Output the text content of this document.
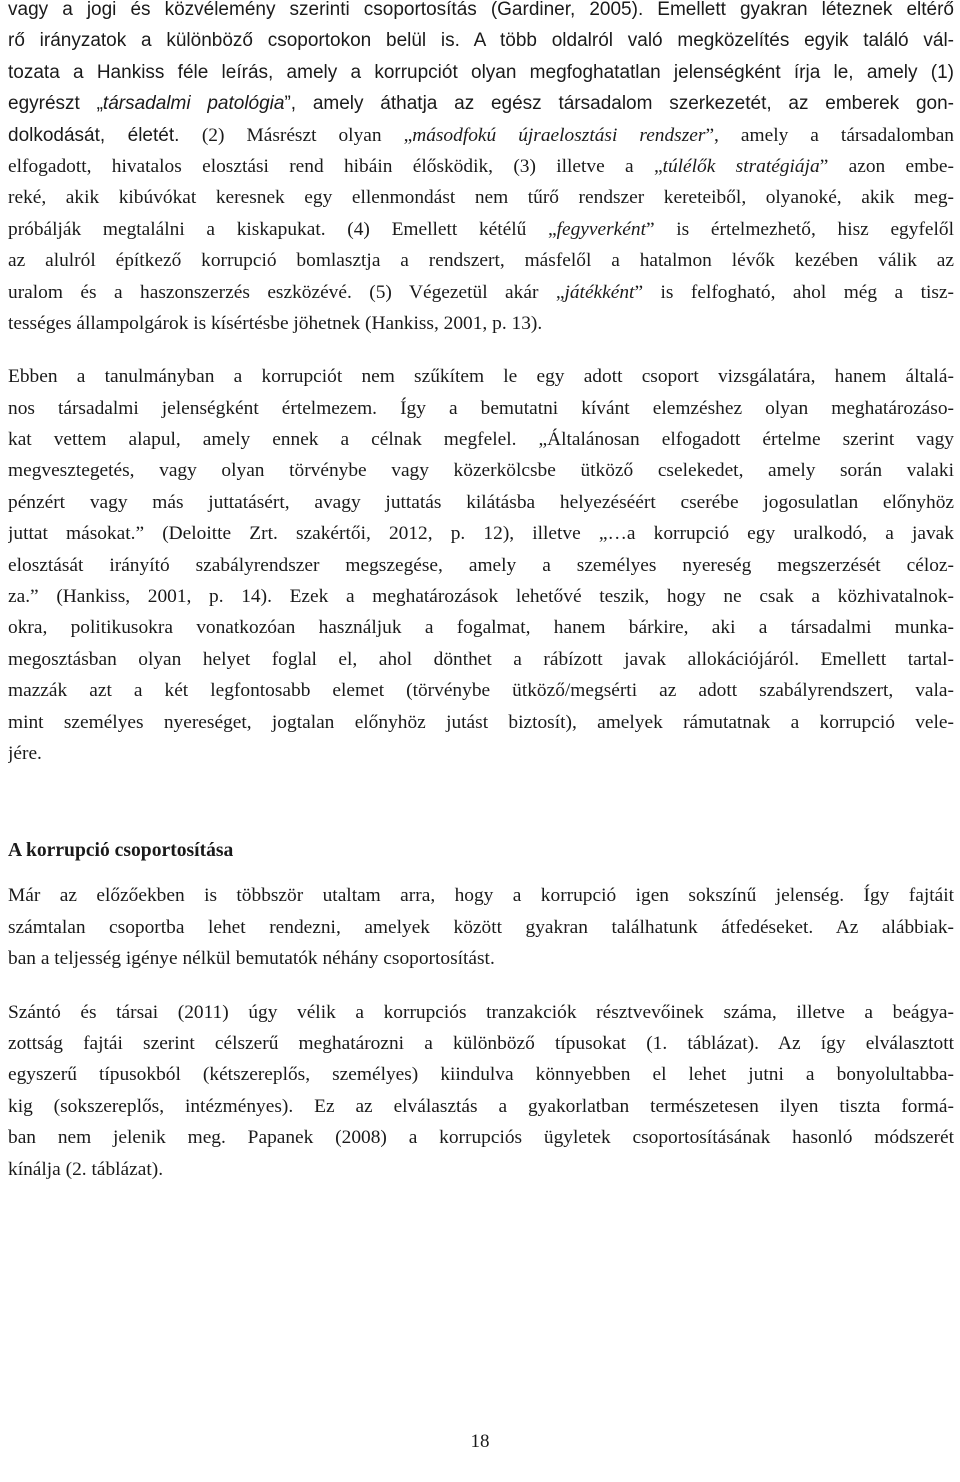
vagy a jogi és közvélemény szerinti csoportosítás (Gardiner, 2005). Emellett gyakran léteznek eltérő
rő irányzatok a különböző csoportokon belül is. A több oldalról való megközelítés egyik találó vál-
tozata a Hankiss féle leírás, amely a korrupciót olyan megfoghatatlan jelenségként írja le, amely (1)
egyrészt „társadalmi patológia”, amely áthatja az egész társadalom szerkezetét, az emberek gon-
dolkodását, életét. (2) Másrészt olyan „másodfokú újraelosztási rendszer”, amely a társadalomban
elfogadott, hivatalos elosztási rend hibáin élősködik, (3) illetve a „túlélők stratégiája” azon embe-
reké, akik kibúvókat keresnek egy ellenmondást nem tűrő rendszer kereteiből, olyanoké, akik meg-
próbálják megtalálni a kiskapukat. (4) Emellett kétélű „fegyverként” is értelmezhető, hisz egyfelől
az alulról építkező korrupció bomlasztja a rendszert, másfelől a hatalmon lévők kezében válik az
uralom és a haszonszerzés eszközévé. (5) Végezetül akár „játékként” is felfogható, ahol még a tisz-
tességes állampolgárok is kísértésbe jöhetnek (Hankiss, 2001, p. 13).
Ebben a tanulmányban a korrupciót nem szűkítem le egy adott csoport vizsgálatára, hanem általá-
nos társadalmi jelenségként értelmezem. Így a bemutatni kívánt elemzéshez olyan meghatározáso-
kat vettem alapul, amely ennek a célnak megfelel. „Általánosan elfogadott értelme szerint vagy
megvesztegetés, vagy olyan törvénybe vagy közerkölcsbe ütköző cselekedet, amely során valaki
pénzért vagy más juttatásért, avagy juttatás kilátásba helyezéséért cserébe jogosulatlan előnyhöz
juttat másokat.” (Deloitte Zrt. szakértői, 2012, p. 12), illetve „…a korrupció egy uralkodó, a javak
elosztását irányító szabályrendszer megszegése, amely a személyes nyereség megszerzését céloz-
za.” (Hankiss, 2001, p. 14). Ezek a meghatározások lehetővé teszik, hogy ne csak a közhivatalnok-
okra, politikusokra vonatkozóan használjuk a fogalmat, hanem bárkire, aki a társadalmi munka-
megosztásban olyan helyet foglal el, ahol dönthet a rábízott javak allokációjáról. Emellett tartal-
mazzák azt a két legfontosabb elemet (törvénybe ütköző/megsérti az adott szabályrendszert, vala-
mint személyes nyereséget, jogtalan előnyhöz jutást biztosít), amelyek rámutatnak a korrupció vele-
jére.
A korrupció csoportosítása
Már az előzőekben is többször utaltam arra, hogy a korrupció igen sokszínű jelenség. Így fajtáit
számtalan csoportba lehet rendezni, amelyek között gyakran találhatunk átfedéseket. Az alábbiak-
ban a teljesség igénye nélkül bemutatók néhány csoportosítást.
Szántó és társai (2011) úgy vélik a korrupciós tranzakciók résztvevőinek száma, illetve a beágya-
zottság fajtái szerint célszerű meghatározni a különböző típusokat (1. táblázat). Az így elválasztott
egyszerű típusokból (kétszereplős, személyes) kiindulva könnyebben el lehet jutni a bonyolultabba-
kig (sokszereplős, intézményes). Ez az elválasztás a gyakorlatban természetesen ilyen tiszta formá-
ban nem jelenik meg. Papanek (2008) a korrupciós ügyletek csoportosításának hasonló módszerét
kínálja (2. táblázat).
18
